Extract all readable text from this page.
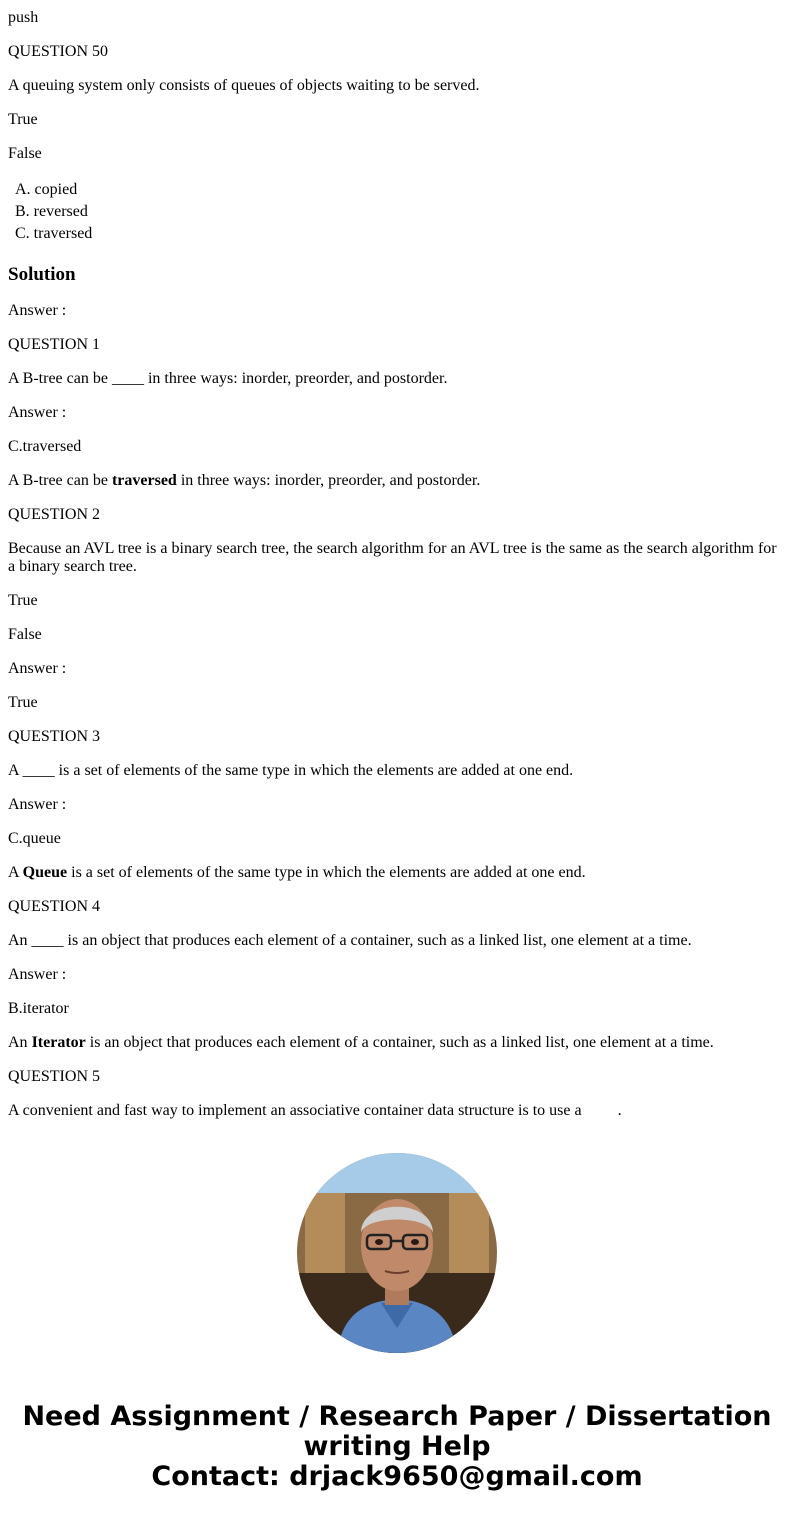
push

QUESTION 50

A queuing system only consists of queues of objects waiting to be served.

True

False

A. copied
B. reversed
C. traversed
Solution

Answer :

QUESTION 1

A B-tree can be ____ in three ways: inorder, preorder, and postorder.

Answer :

C.traversed

A B-tree can be traversed in three ways: inorder, preorder, and postorder.

QUESTION 2

Because an AVL tree is a binary search tree, the search algorithm for an AVL tree is the same as the search algorithm for a binary search tree.

True

False

Answer :

True

QUESTION 3

A ____ is a set of elements of the same type in which the elements are added at one end.

Answer :

C.queue

A Queue is a set of elements of the same type in which the elements are added at one end.

QUESTION 4

An ____ is an object that produces each element of a container, such as a linked list, one element at a time.

Answer :

B.iterator

An Iterator is an object that produces each element of a container, such as a linked list, one element at a time.

QUESTION 5

A convenient and fast way to implement an associative container data structure is to use a .

Need Assignment / Research Paper / Dissertation
writing Help
Contact: drjack9650@gmail.com
